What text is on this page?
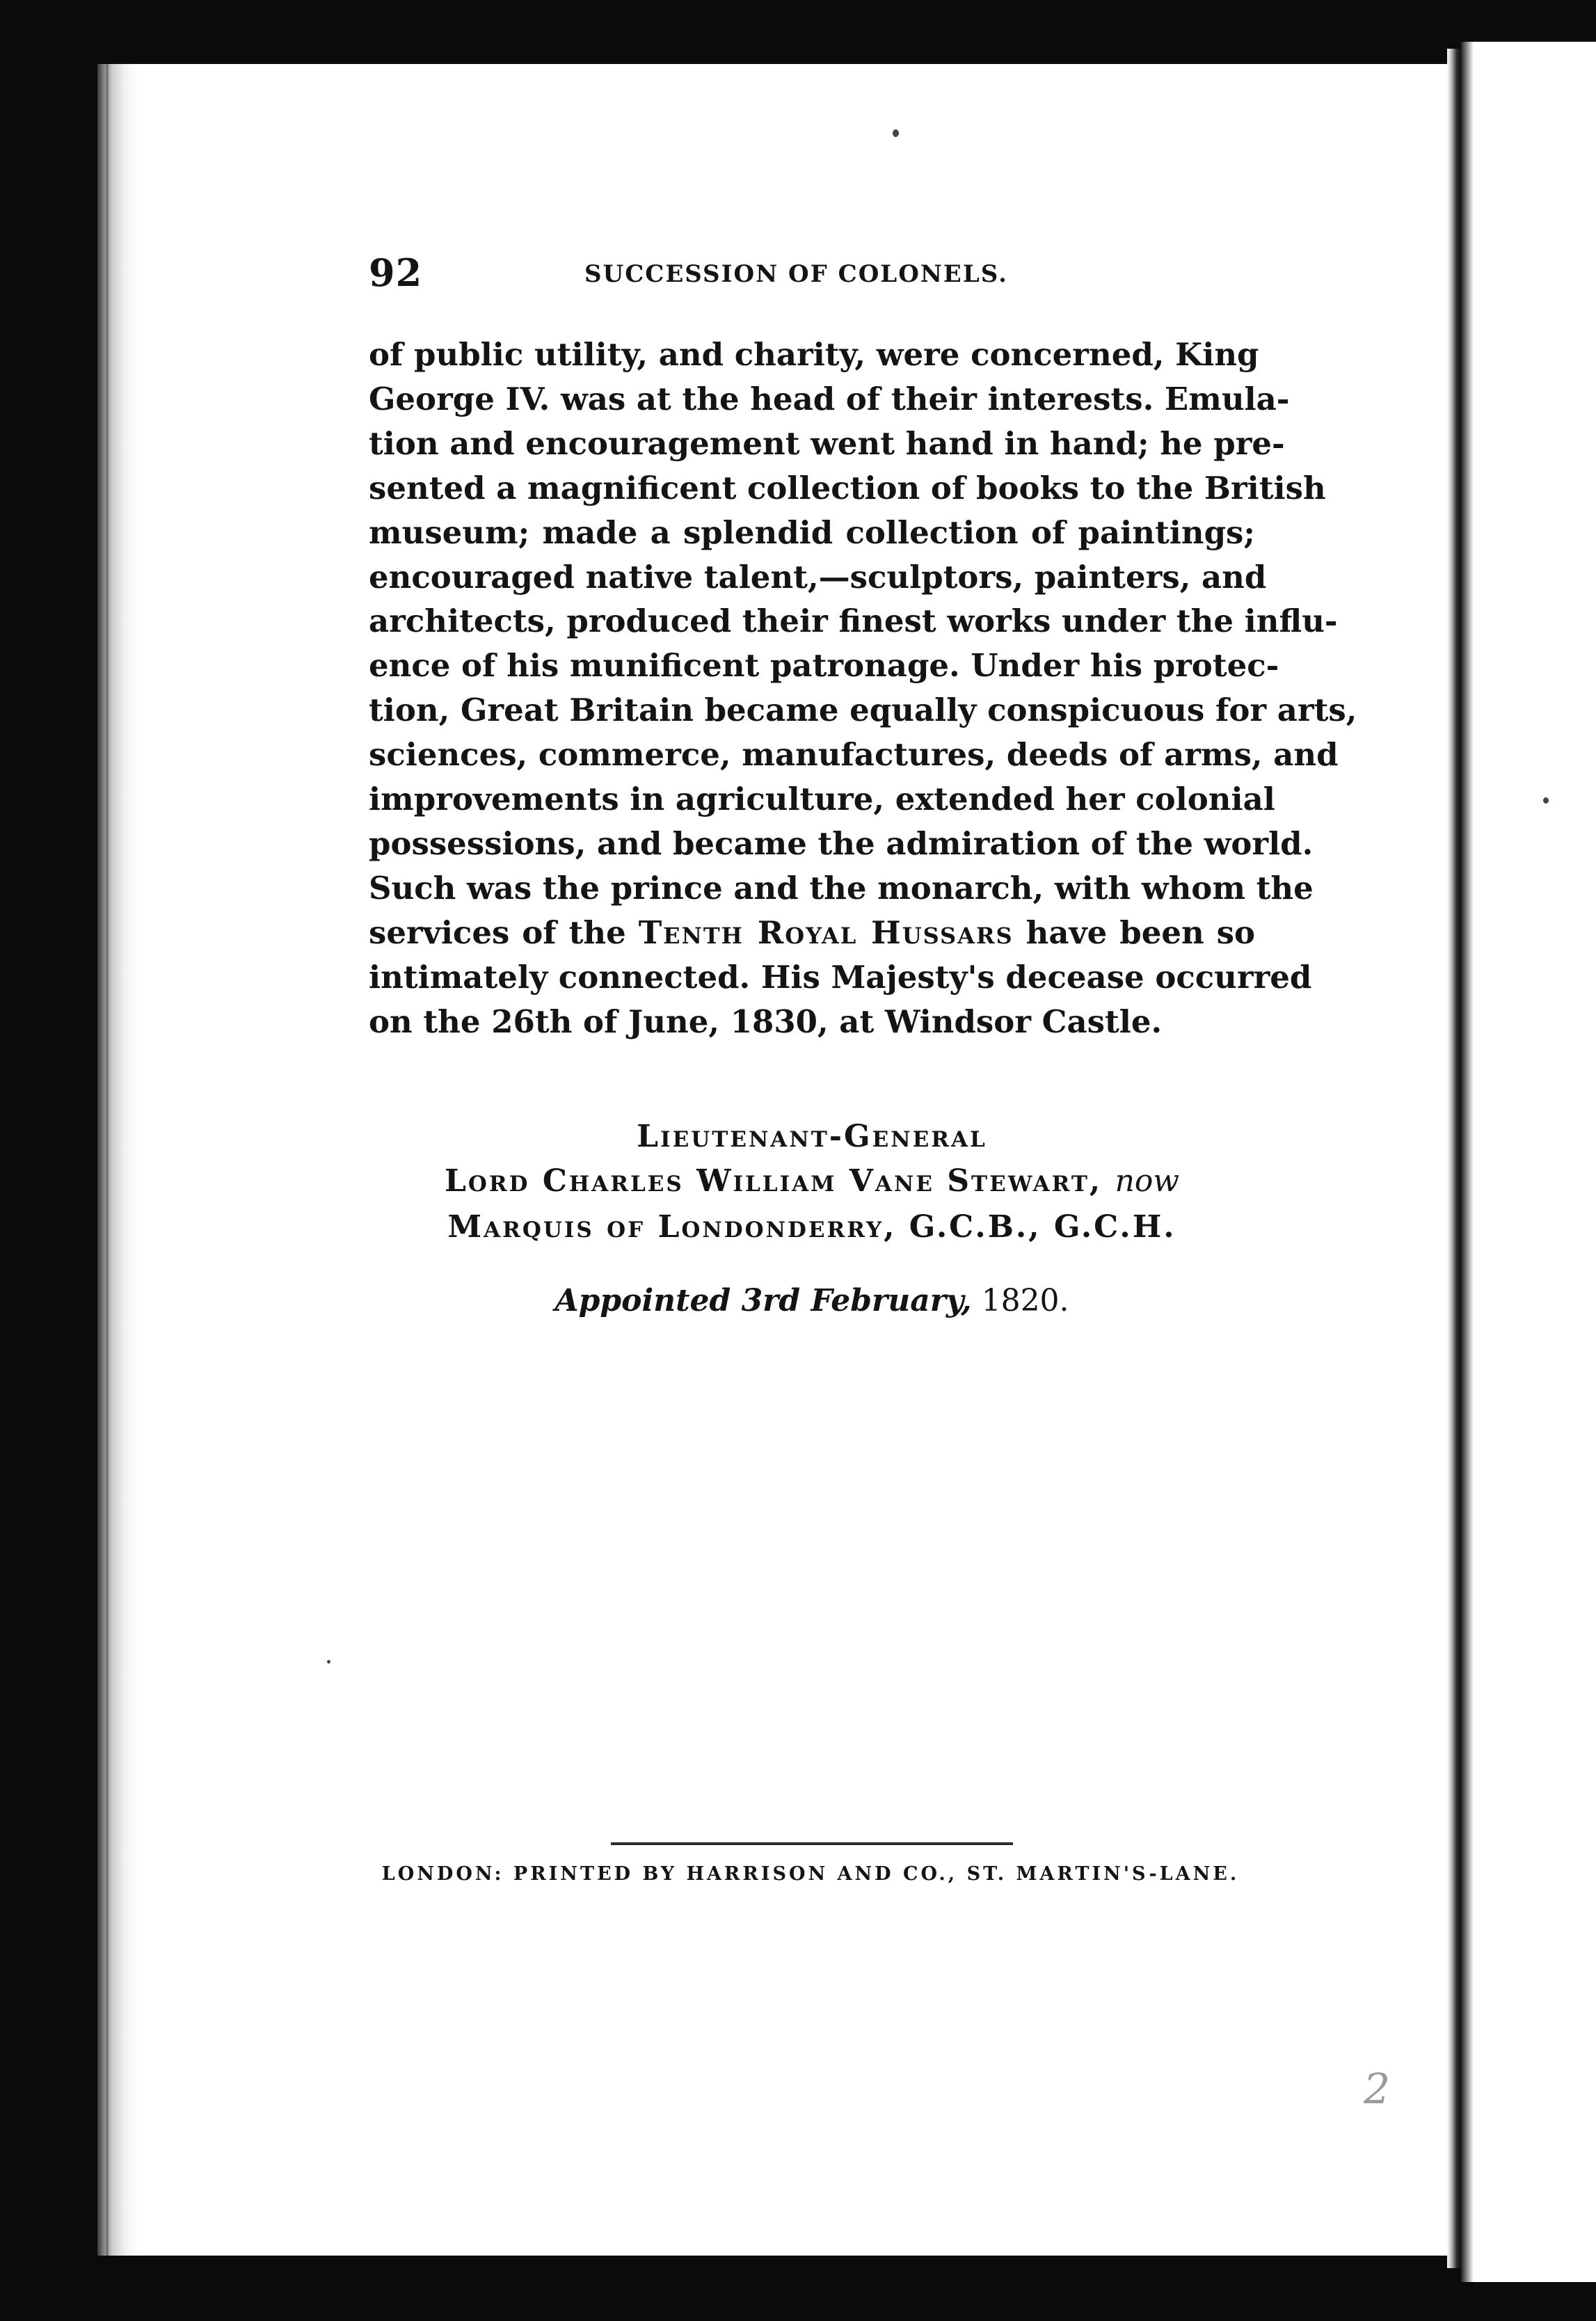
92	SUCCESSION OF COLONELS.
of public utility, and charity, were concerned, King
George IV. was at the head of their interests. Emula-
tion and encouragement went hand in hand; he pre-
sented a magnificent collection of books to the British
museum; made a splendid collection of paintings;
encouraged native talent,—sculptors, painters, and
architects, produced their finest works under the influ-
ence of his munificent patronage. Under his protec-
tion, Great Britain became equally conspicuous for arts,
sciences, commerce, manufactures, deeds of arms, and
improvements in agriculture, extended her colonial
possessions, and became the admiration of the world.
Such was the prince and the monarch, with whom the
services of the Tenth Royal Hussars have been so
intimately connected. His Majesty's decease occurred
on the 26th of June, 1830, at Windsor Castle.
Lieutenant-General
Lord Charles William Vane Stewart, now
Marquis of Londonderry, G.C.B., G.C.H.
Appointed 3rd February, 1820.
LONDON: PRINTED BY HARRISON AND CO., ST. MARTIN'S-LANE.
2
